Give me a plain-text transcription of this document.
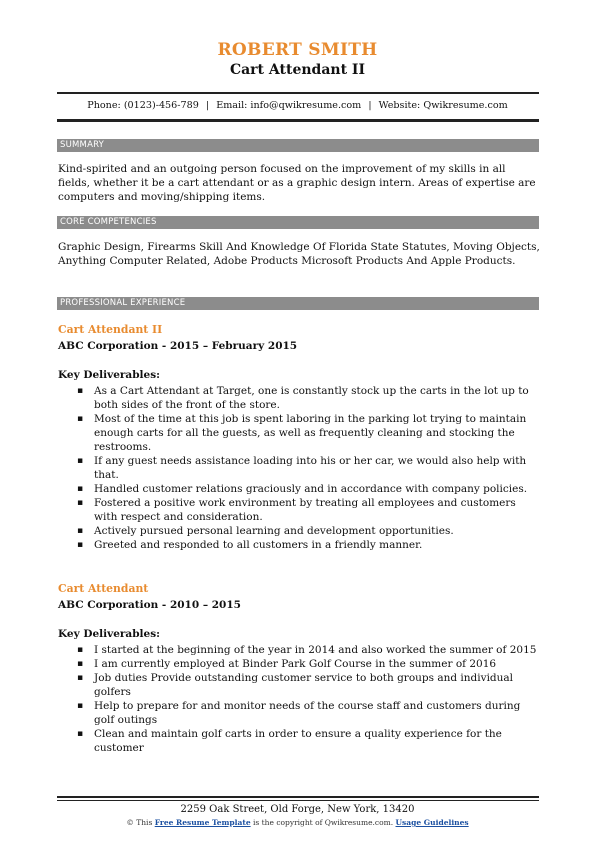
ROBERT SMITH
Cart Attendant II
Phone: (0123)-456-789 | Email: info@qwikresume.com | Website: Qwikresume.com
SUMMARY
Kind-spirited and an outgoing person focused on the improvement of my skills in all fields, whether it be a cart attendant or as a graphic design intern. Areas of expertise are computers and moving/shipping items.
CORE COMPETENCIES
Graphic Design, Firearms Skill And Knowledge Of Florida State Statutes, Moving Objects, Anything Computer Related, Adobe Products Microsoft Products And Apple Products.
PROFESSIONAL EXPERIENCE
Cart Attendant II
ABC Corporation - 2015 – February 2015
Key Deliverables:
▪ As a Cart Attendant at Target, one is constantly stock up the carts in the lot up to both sides of the front of the store.
▪ Most of the time at this job is spent laboring in the parking lot trying to maintain enough carts for all the guests, as well as frequently cleaning and stocking the restrooms.
▪ If any guest needs assistance loading into his or her car, we would also help with that.
▪ Handled customer relations graciously and in accordance with company policies.
▪ Fostered a positive work environment by treating all employees and customers with respect and consideration.
▪ Actively pursued personal learning and development opportunities.
▪ Greeted and responded to all customers in a friendly manner.
Cart Attendant
ABC Corporation - 2010 – 2015
Key Deliverables:
▪ I started at the beginning of the year in 2014 and also worked the summer of 2015
▪ I am currently employed at Binder Park Golf Course in the summer of 2016
▪ Job duties Provide outstanding customer service to both groups and individual golfers
▪ Help to prepare for and monitor needs of the course staff and customers during golf outings
▪ Clean and maintain golf carts in order to ensure a quality experience for the customer
2259 Oak Street, Old Forge, New York, 13420
© This Free Resume Template is the copyright of Qwikresume.com. Usage Guidelines
